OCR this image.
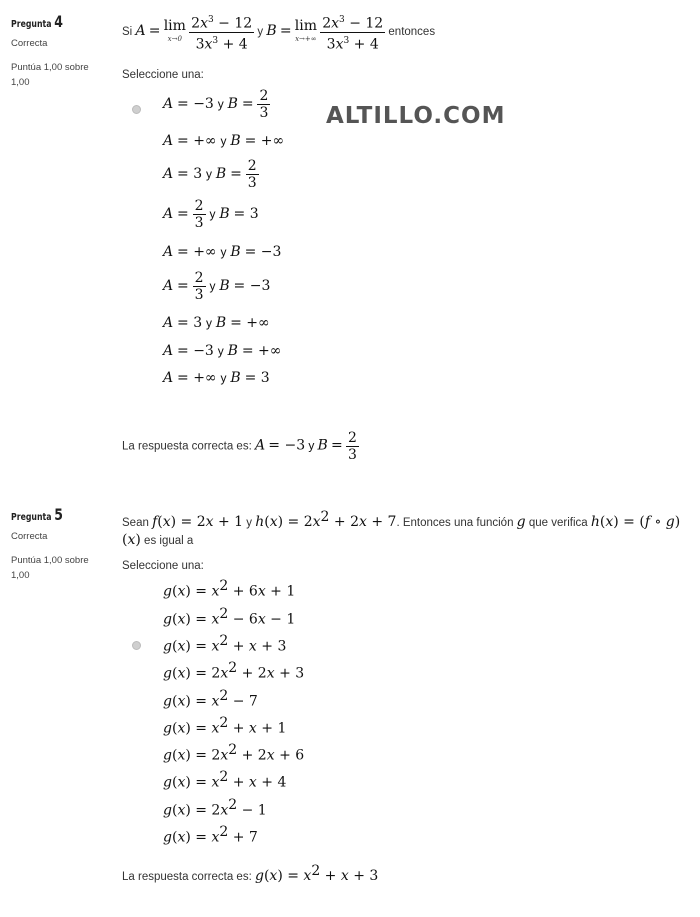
ALTILLO.COM
Pregunta 4
Correcta
Puntúa 1,00 sobre 1,00
Si A = lim
x→0
$\frac{2x^3 - 12}{3x^3 + 4}$ y B = lim
x→+∞
$\frac{2x^3 - 12}{3x^3 + 4}$ entonces
Seleccione una:
A = −3 y $B = \frac{2}{3}$
A = +∞ y B = +∞
A = 3 y $B = \frac{2}{3}$
$A = \frac{2}{3}$ y B = 3
A = +∞ y B = −3
$A = \frac{2}{3}$ y B = −3
A = 3 y B = +∞
A = −3 y B = +∞
A = +∞ y B = 3
La respuesta correcta es: A = −3 y $B = \frac{2}{3}$
Pregunta 5
Correcta
Puntúa 1,00 sobre 1,00
Sean f(x) = 2x + 1 y $h(x) = 2x^2 + 2x + 7$. Entonces una función g que verifica h(x) = (f ∘ g)(x) es igual a
Seleccione una:
$g(x) = x^2 + 6x + 1$
$g(x) = x^2 - 6x - 1$
$g(x) = x^2 + x + 3$
$g(x) = 2x^2 + 2x + 3$
$g(x) = x^2 - 7$
$g(x) = x^2 + x + 1$
$g(x) = 2x^2 + 2x + 6$
$g(x) = x^2 + x + 4$
$g(x) = 2x^2 - 1$
$g(x) = x^2 + 7$
La respuesta correcta es: $g(x) = x^2 + x + 3$
